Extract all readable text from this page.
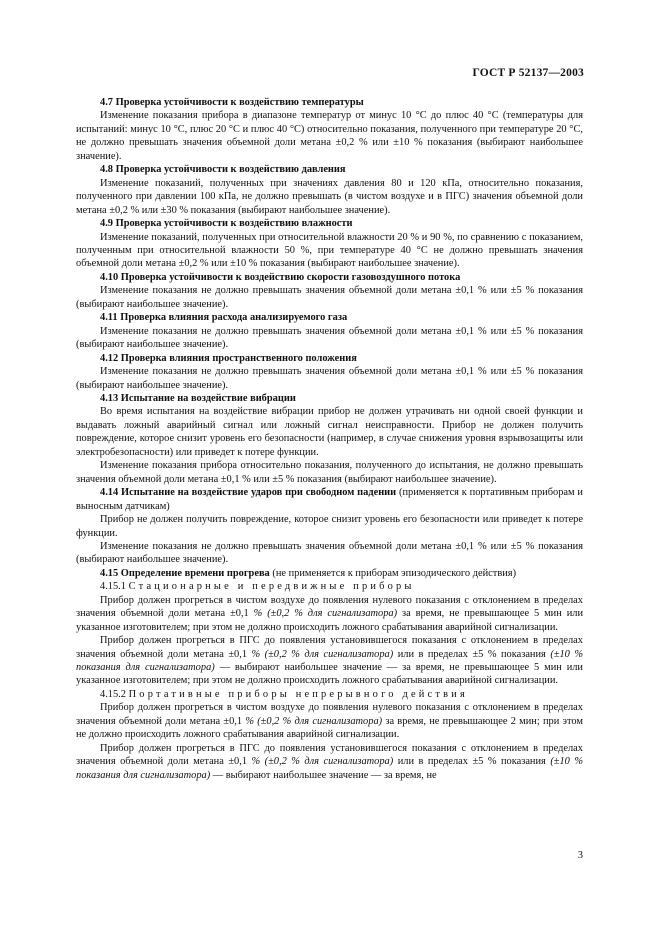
ГОСТ Р 52137—2003

4.7 Проверка устойчивости к воздействию температуры

Изменение показания прибора в диапазоне температур от минус 10 °С до плюс 40 °С (температуры для испытаний: минус 10 °С, плюс 20 °С и плюс 40 °С) относительно показания, полученного при температуре 20 °С, не должно превышать значения объемной доли метана ±0,2 % или ±10 % показания (выбирают наибольшее значение).

4.8 Проверка устойчивости к воздействию давления

Изменение показаний, полученных при значениях давления 80 и 120 кПа, относительно показания, полученного при давлении 100 кПа, не должно превышать (в чистом воздухе и в ПГС) значения объемной доли метана ±0,2 % или ±30 % показания (выбирают наибольшее значение).

4.9 Проверка устойчивости к воздействию влажности

Изменение показаний, полученных при относительной влажности 20 % и 90 %, по сравнению с показанием, полученным при относительной влажности 50 %, при температуре 40 °С не должно превышать значения объемной доли метана ±0,2 % или ±10 % показания (выбирают наибольшее значение).

4.10 Проверка устойчивости к воздействию скорости газовоздушного потока

Изменение показания не должно превышать значения объемной доли метана ±0,1 % или ±5 % показания (выбирают наибольшее значение).

4.11 Проверка влияния расхода анализируемого газа

Изменение показания не должно превышать значения объемной доли метана ±0,1 % или ±5 % показания (выбирают наибольшее значение).

4.12 Проверка влияния пространственного положения

Изменение показания не должно превышать значения объемной доли метана ±0,1 % или ±5 % показания (выбирают наибольшее значение).

4.13 Испытание на воздействие вибрации

Во время испытания на воздействие вибрации прибор не должен утрачивать ни одной своей функции и выдавать ложный аварийный сигнал или ложный сигнал неисправности. Прибор не должен получить повреждение, которое снизит уровень его безопасности (например, в случае снижения уровня взрывозащиты или электробезопасности) или приведет к потере функции.

Изменение показания прибора относительно показания, полученного до испытания, не должно превышать значения объемной доли метана ±0,1 % или ±5 % показания (выбирают наибольшее значение).

4.14 Испытание на воздействие ударов при свободном падении (применяется к портативным приборам и выносным датчикам)

Прибор не должен получить повреждение, которое снизит уровень его безопасности или приведет к потере функции.

Изменение показания не должно превышать значения объемной доли метана ±0,1 % или ±5 % показания (выбирают наибольшее значение).

4.15 Определение времени прогрева (не применяется к приборам эпизодического действия)

4.15.1 Стационарные и передвижные приборы

Прибор должен прогреться в чистом воздухе до появления нулевого показания с отклонением в пределах значения объемной доли метана ±0,1 % (±0,2 % для сигнализатора) за время, не превышающее 5 мин или указанное изготовителем; при этом не должно происходить ложного срабатывания аварийной сигнализации.

Прибор должен прогреться в ПГС до появления установившегося показания с отклонением в пределах значения объемной доли метана ±0,1 % (±0,2 % для сигнализатора) или в пределах ±5 % показания (±10 % показания для сигнализатора) — выбирают наибольшее значение — за время, не превышающее 5 мин или указанное изготовителем; при этом не должно происходить ложного срабатывания аварийной сигнализации.

4.15.2 Портативные приборы непрерывного действия

Прибор должен прогреться в чистом воздухе до появления нулевого показания с отклонением в пределах значения объемной доли метана ±0,1 % (±0,2 % для сигнализатора) за время, не превышающее 2 мин; при этом не должно происходить ложного срабатывания аварийной сигнализации.

Прибор должен прогреться в ПГС до появления установившегося показания с отклонением в пределах значения объемной доли метана ±0,1 % (±0,2 % для сигнализатора) или в пределах ±5 % показания (±10 % показания для сигнализатора) — выбирают наибольшее значение — за время, не

3
